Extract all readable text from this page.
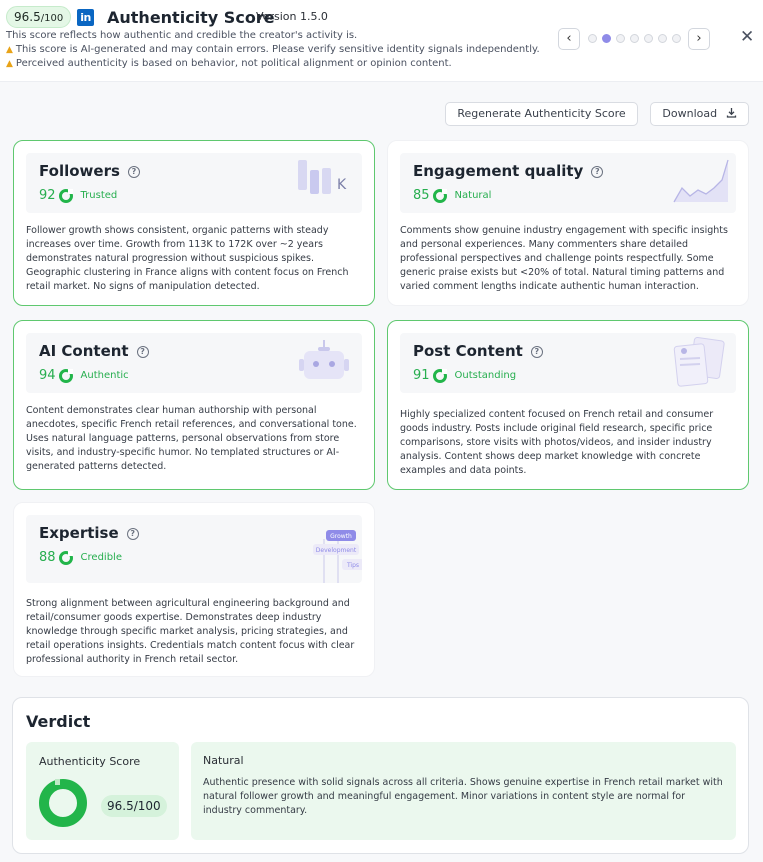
96.5/100	in Authenticity Score
Version 1.5.0
This score reflects how authentic and credible the creator's activity is.
▲ This score is AI-generated and may contain errors. Please verify sensitive identity signals independently.
▲ Perceived authenticity is based on behavior, not political alignment or opinion content.
‹	›	✕
Regenerate Authenticity Score	Download
Followers ?
92	Trusted
K
Follower growth shows consistent, organic patterns with steady increases over time. Growth from 113K to 172K over ~2 years demonstrates natural progression without suspicious spikes. Geographic clustering in France aligns with content focus on French retail market. No signs of manipulation detected.
Engagement quality ?
85	Natural
Comments show genuine industry engagement with specific insights and personal experiences. Many commenters share detailed professional perspectives and challenge points respectfully. Some generic praise exists but <20% of total. Natural timing patterns and varied comment lengths indicate authentic human interaction.
AI Content ?
94	Authentic
Content demonstrates clear human authorship with personal anecdotes, specific French retail references, and conversational tone. Uses natural language patterns, personal observations from store visits, and industry-specific humor. No templated structures or AI-generated patterns detected.
Post Content ?
91	Outstanding
Highly specialized content focused on French retail and consumer goods industry. Posts include original field research, specific price comparisons, store visits with photos/videos, and insider industry analysis. Content shows deep market knowledge with concrete examples and data points.
Expertise ?
88	Credible
Growth
Development
Tips
Strong alignment between agricultural engineering background and retail/consumer goods expertise. Demonstrates deep industry knowledge through specific market analysis, pricing strategies, and retail operations insights. Credentials match content focus with clear professional authority in French retail sector.
Verdict
Authenticity Score
96.5/100
Natural
Authentic presence with solid signals across all criteria. Shows genuine expertise in French retail market with natural follower growth and meaningful engagement. Minor variations in content style are normal for industry commentary.
